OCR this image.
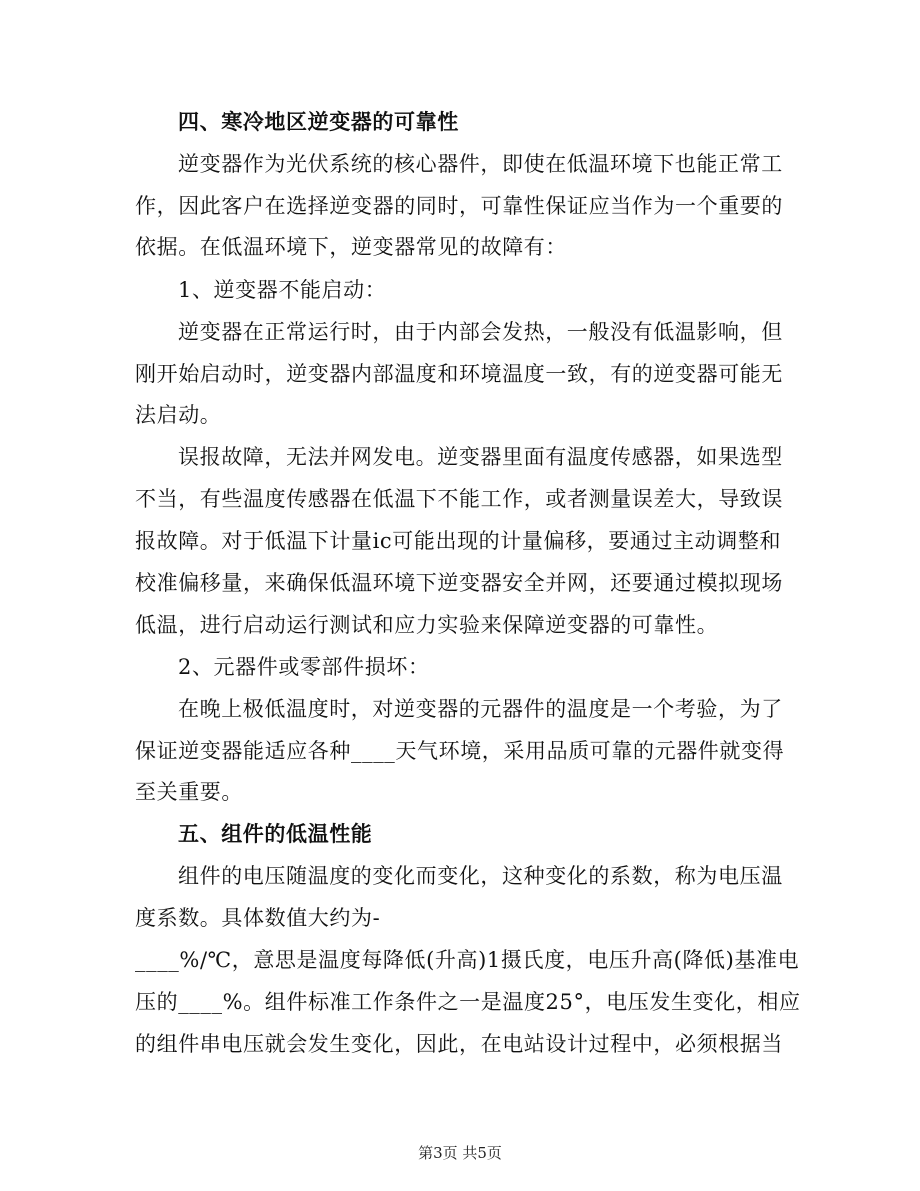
四、寒冷地区逆变器的可靠性
逆变器作为光伏系统的核心器件，即使在低温环境下也能正常工
作，因此客户在选择逆变器的同时，可靠性保证应当作为一个重要的
依据。在低温环境下，逆变器常见的故障有：
1、逆变器不能启动：
逆变器在正常运行时，由于内部会发热，一般没有低温影响，但
刚开始启动时，逆变器内部温度和环境温度一致，有的逆变器可能无
法启动。
误报故障，无法并网发电。逆变器里面有温度传感器，如果选型
不当，有些温度传感器在低温下不能工作，或者测量误差大，导致误
报故障。对于低温下计量ic可能出现的计量偏移，要通过主动调整和
校准偏移量，来确保低温环境下逆变器安全并网，还要通过模拟现场
低温，进行启动运行测试和应力实验来保障逆变器的可靠性。
2、元器件或零部件损坏：
在晚上极低温度时，对逆变器的元器件的温度是一个考验，为了
保证逆变器能适应各种____天气环境，采用品质可靠的元器件就变得
至关重要。
五、组件的低温性能
组件的电压随温度的变化而变化，这种变化的系数，称为电压温
度系数。具体数值大约为-
____%/℃，意思是温度每降低(升高)1摄氏度，电压升高(降低)基准电
压的____%。组件标准工作条件之一是温度25°，电压发生变化，相应
的组件串电压就会发生变化，因此，在电站设计过程中，必须根据当
第3页 共5页
